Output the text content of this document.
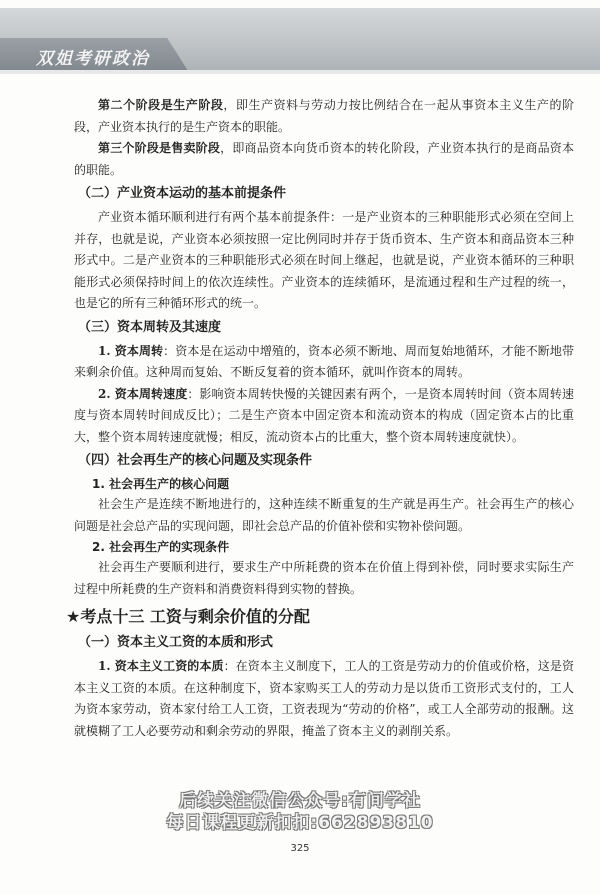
双姐考研政治

第二个阶段是生产阶段，即生产资料与劳动力按比例结合在一起从事资本主义生产的阶段，产业资本执行的是生产资本的职能。

第三个阶段是售卖阶段，即商品资本向货币资本的转化阶段，产业资本执行的是商品资本的职能。

（二）产业资本运动的基本前提条件

产业资本循环顺利进行有两个基本前提条件：一是产业资本的三种职能形式必须在空间上并存，也就是说，产业资本必须按照一定比例同时并存于货币资本、生产资本和商品资本三种形式中。二是产业资本的三种职能形式必须在时间上继起，也就是说，产业资本循环的三种职能形式必须保持时间上的依次连续性。产业资本的连续循环，是流通过程和生产过程的统一，也是它的所有三种循环形式的统一。

（三）资本周转及其速度

1. 资本周转：资本是在运动中增殖的，资本必须不断地、周而复始地循环，才能不断地带来剩余价值。这种周而复始、不断反复着的资本循环，就叫作资本的周转。

2. 资本周转速度：影响资本周转快慢的关键因素有两个，一是资本周转时间（资本周转速度与资本周转时间成反比）；二是生产资本中固定资本和流动资本的构成（固定资本占的比重大，整个资本周转速度就慢；相反，流动资本占的比重大，整个资本周转速度就快）。

（四）社会再生产的核心问题及实现条件
1. 社会再生产的核心问题

社会生产是连续不断地进行的，这种连续不断重复的生产就是再生产。社会再生产的核心问题是社会总产品的实现问题，即社会总产品的价值补偿和实物补偿问题。

2. 社会再生产的实现条件

社会再生产要顺利进行，要求生产中所耗费的资本在价值上得到补偿，同时要求实际生产过程中所耗费的生产资料和消费资料得到实物的替换。

★考点十三 工资与剩余价值的分配
（一）资本主义工资的本质和形式

1. 资本主义工资的本质：在资本主义制度下，工人的工资是劳动力的价值或价格，这是资本主义工资的本质。在这种制度下，资本家购买工人的劳动力是以货币工资形式支付的，工人为资本家劳动，资本家付给工人工资，工资表现为“劳动的价格”，或工人全部劳动的报酬。这就模糊了工人必要劳动和剩余劳动的界限，掩盖了资本主义的剥削关系。

后续关注微信公众号:有间学社
每日课程更新扣扣:662893810
325
